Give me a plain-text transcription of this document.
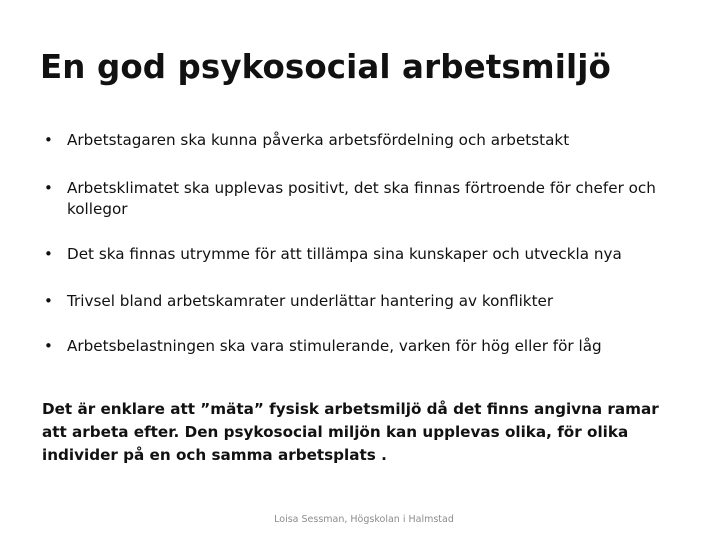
En god psykosocial arbetsmiljö
• Arbetstagaren ska kunna påverka arbetsfördelning och arbetstakt
• Arbetsklimatet ska upplevas positivt, det ska finnas förtroende för chefer och kollegor
• Det ska finnas utrymme för att tillämpa sina kunskaper och utveckla nya
• Trivsel bland arbetskamrater underlättar hantering av konflikter
• Arbetsbelastningen ska vara stimulerande, varken för hög eller för låg

Det är enklare att ”mäta” fysisk arbetsmiljö då det finns angivna ramar att arbeta efter. Den psykosocial miljön kan upplevas olika, för olika individer på en och samma arbetsplats .

Loisa Sessman, Högskolan i Halmstad
